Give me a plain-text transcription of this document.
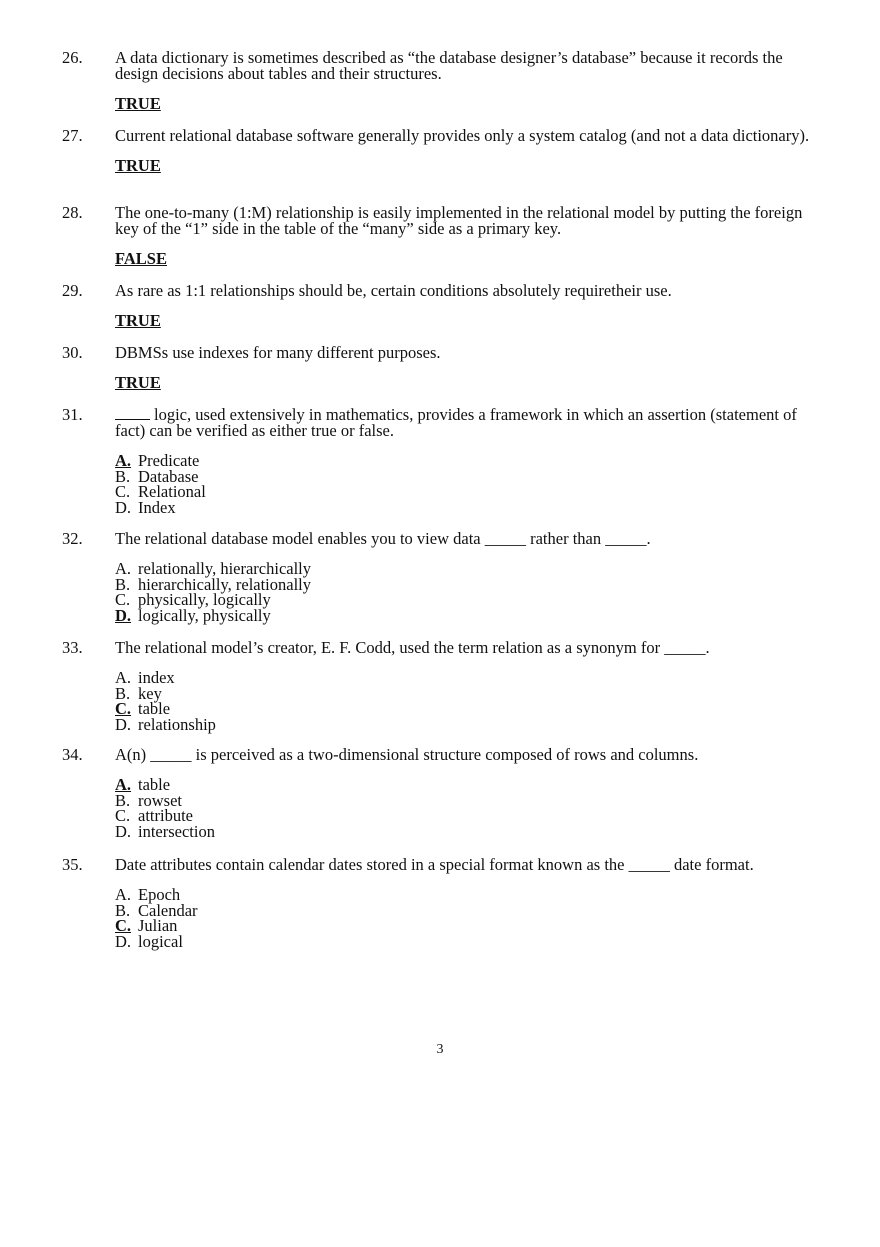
26.	A data dictionary is sometimes described as “the database designer’s database” because it records the design decisions about tables and their structures.
TRUE
27.	Current relational database software generally provides only a system catalog (and not a data dictionary).
TRUE
28.	The one-to-many (1:M) relationship is easily implemented in the relational model by putting the foreign key of the “1” side in the table of the “many” side as a primary key.
FALSE
29.	As rare as 1:1 relationships should be, certain conditions absolutely requiretheir use.
TRUE
30.	DBMSs use indexes for many different purposes.
TRUE
31.	logic, used extensively in mathematics, provides a framework in which an assertion (statement of fact) can be verified as either true or false.
A. Predicate
B. Database
C. Relational
D. Index
32.	The relational database model enables you to view data _____ rather than _____.
A. relationally, hierarchically
B. hierarchically, relationally
C. physically, logically
D. logically, physically
33.	The relational model’s creator, E. F. Codd, used the term relation as a synonym for _____.
A. index
B. key
C. table
D. relationship
34.	A(n) _____ is perceived as a two-dimensional structure composed of rows and columns.
A. table
B. rowset
C. attribute
D. intersection
35.	Date attributes contain calendar dates stored in a special format known as the _____ date format.
A. Epoch
B. Calendar
C. Julian
D. logical
3
